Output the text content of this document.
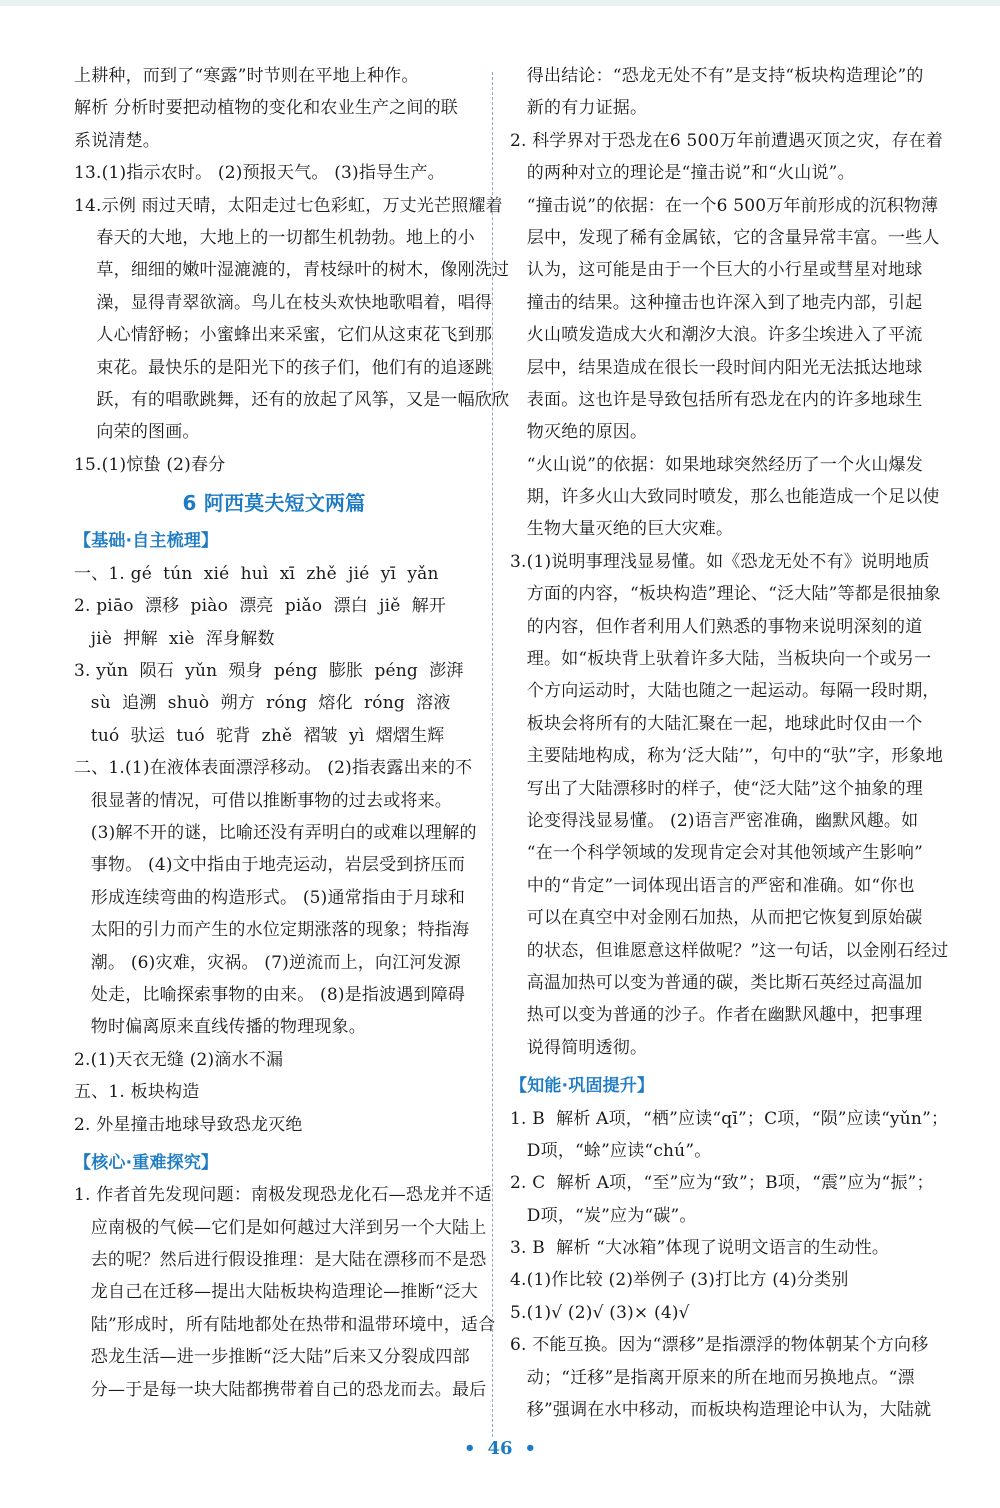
上耕种，而到了“寒露”时节则在平地上种作。
解析 分析时要把动植物的变化和农业生产之间的联
系说清楚。
13.(1)指示农时。 (2)预报天气。 (3)指导生产。
14.示例 雨过天晴，太阳走过七色彩虹，万丈光芒照耀着
春天的大地，大地上的一切都生机勃勃。地上的小
草，细细的嫩叶湿漉漉的，青枝绿叶的树木，像刚洗过
澡，显得青翠欲滴。鸟儿在枝头欢快地歌唱着，唱得
人心情舒畅；小蜜蜂出来采蜜，它们从这束花飞到那
束花。最快乐的是阳光下的孩子们，他们有的追逐跳
跃，有的唱歌跳舞，还有的放起了风筝，又是一幅欣欣
向荣的图画。
15.(1)惊蛰 (2)春分
6 阿西莫夫短文两篇
【基础·自主梳理】
一、1. gé  tún  xié  huì  xī  zhě  jié  yī  yǎn
2. piāo  漂移  piào  漂亮  piǎo  漂白  jiě  解开
jiè  押解  xiè  浑身解数
3. yǔn  陨石  yǔn  殒身  péng  膨胀  péng  澎湃
sù  追溯  shuò  朔方  róng  熔化  róng  溶液
tuó  驮运  tuó  驼背  zhě  褶皱  yì  熠熠生辉
二、1.(1)在液体表面漂浮移动。 (2)指表露出来的不
很显著的情况，可借以推断事物的过去或将来。
(3)解不开的谜，比喻还没有弄明白的或难以理解的
事物。 (4)文中指由于地壳运动，岩层受到挤压而
形成连续弯曲的构造形式。 (5)通常指由于月球和
太阳的引力而产生的水位定期涨落的现象；特指海
潮。 (6)灾难，灾祸。 (7)逆流而上，向江河发源
处走，比喻探索事物的由来。 (8)是指波遇到障碍
物时偏离原来直线传播的物理现象。
2.(1)天衣无缝 (2)滴水不漏
五、1. 板块构造
2. 外星撞击地球导致恐龙灭绝
【核心·重难探究】
1. 作者首先发现问题：南极发现恐龙化石—恐龙并不适
应南极的气候—它们是如何越过大洋到另一个大陆上
去的呢？然后进行假设推理：是大陆在漂移而不是恐
龙自己在迁移—提出大陆板块构造理论—推断“泛大
陆”形成时，所有陆地都处在热带和温带环境中，适合
恐龙生活—进一步推断“泛大陆”后来又分裂成四部
分—于是每一块大陆都携带着自己的恐龙而去。最后
得出结论：“恐龙无处不有”是支持“板块构造理论”的
新的有力证据。
2. 科学界对于恐龙在6 500万年前遭遇灭顶之灾，存在着
的两种对立的理论是“撞击说”和“火山说”。
“撞击说”的依据：在一个6 500万年前形成的沉积物薄
层中，发现了稀有金属铱，它的含量异常丰富。一些人
认为，这可能是由于一个巨大的小行星或彗星对地球
撞击的结果。这种撞击也许深入到了地壳内部，引起
火山喷发造成大火和潮汐大浪。许多尘埃进入了平流
层中，结果造成在很长一段时间内阳光无法抵达地球
表面。这也许是导致包括所有恐龙在内的许多地球生
物灭绝的原因。
“火山说”的依据：如果地球突然经历了一个火山爆发
期，许多火山大致同时喷发，那么也能造成一个足以使
生物大量灭绝的巨大灾难。
3.(1)说明事理浅显易懂。如《恐龙无处不有》说明地质
方面的内容，“板块构造”理论、“泛大陆”等都是很抽象
的内容，但作者利用人们熟悉的事物来说明深刻的道
理。如“板块背上驮着许多大陆，当板块向一个或另一
个方向运动时，大陆也随之一起运动。每隔一段时期，
板块会将所有的大陆汇聚在一起，地球此时仅由一个
主要陆地构成，称为‘泛大陆’”，句中的“驮”字，形象地
写出了大陆漂移时的样子，使“泛大陆”这个抽象的理
论变得浅显易懂。 (2)语言严密准确，幽默风趣。如
“在一个科学领域的发现肯定会对其他领域产生影响”
中的“肯定”一词体现出语言的严密和准确。如“你也
可以在真空中对金刚石加热，从而把它恢复到原始碳
的状态，但谁愿意这样做呢？”这一句话，以金刚石经过
高温加热可以变为普通的碳，类比斯石英经过高温加
热可以变为普通的沙子。作者在幽默风趣中，把事理
说得简明透彻。
【知能·巩固提升】
1. B  解析 A项，“栖”应读“qī”；C项，“陨”应读“yǔn”；
D项，“蜍”应读“chú”。
2. C  解析 A项，“至”应为“致”；B项，“震”应为“振”；
D项，“炭”应为“碳”。
3. B  解析 “大冰箱”体现了说明文语言的生动性。
4.(1)作比较 (2)举例子 (3)打比方 (4)分类别
5.(1)√ (2)√ (3)× (4)√
6. 不能互换。因为“漂移”是指漂浮的物体朝某个方向移
动；“迁移”是指离开原来的所在地而另换地点。“漂
移”强调在水中移动，而板块构造理论中认为，大陆就
• 46 •
